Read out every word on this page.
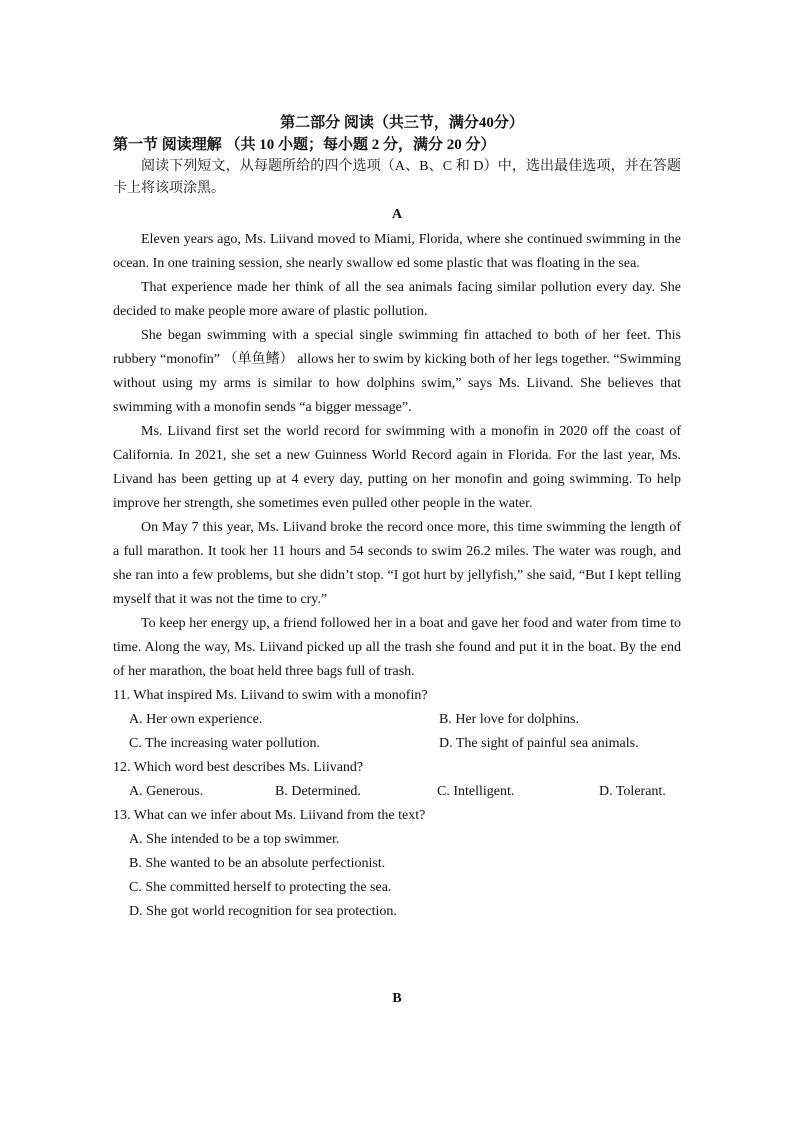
第二部分 阅读（共三节，满分40分）

第一节 阅读理解 （共 10 小题；每小题 2 分，满分 20 分）

阅读下列短文，从每题所给的四个选项（A、B、C 和 D）中，选出最佳选项，并在答题卡上将该项涂黑。

A

Eleven years ago, Ms. Liivand moved to Miami, Florida, where she continued swimming in the ocean. In one training session, she nearly swallow ed some plastic that was floating in the sea.

That experience made her think of all the sea animals facing similar pollution every day. She decided to make people more aware of plastic pollution.

She began swimming with a special single swimming fin attached to both of her feet. This rubbery “monofin” （单鱼鳍） allows her to swim by kicking both of her legs together. “Swimming without using my arms is similar to how dolphins swim,” says Ms. Liivand. She believes that swimming with a monofin sends “a bigger message”.

Ms. Liivand first set the world record for swimming with a monofin in 2020 off the coast of California. In 2021, she set a new Guinness World Record again in Florida. For the last year, Ms. Livand has been getting up at 4 every day, putting on her monofin and going swimming. To help improve her strength, she sometimes even pulled other people in the water.

On May 7 this year, Ms. Liivand broke the record once more, this time swimming the length of a full marathon. It took her 11 hours and 54 seconds to swim 26.2 miles. The water was rough, and she ran into a few problems, but she didn’t stop. “I got hurt by jellyfish,” she said, “But I kept telling myself that it was not the time to cry.”

To keep her energy up, a friend followed her in a boat and gave her food and water from time to time. Along the way, Ms. Liivand picked up all the trash she found and put it in the boat. By the end of her marathon, the boat held three bags full of trash.

11. What inspired Ms. Liivand to swim with a monofin?

A. Her own experience.	B. Her love for dolphins.
C. The increasing water pollution.	D. The sight of painful sea animals.

12. Which word best describes Ms. Liivand?

A. Generous.	B. Determined.	C. Intelligent.	D. Tolerant.

13. What can we infer about Ms. Liivand from the text?

A. She intended to be a top swimmer.
B. She wanted to be an absolute perfectionist.
C. She committed herself to protecting the sea.
D. She got world recognition for sea protection.
B
